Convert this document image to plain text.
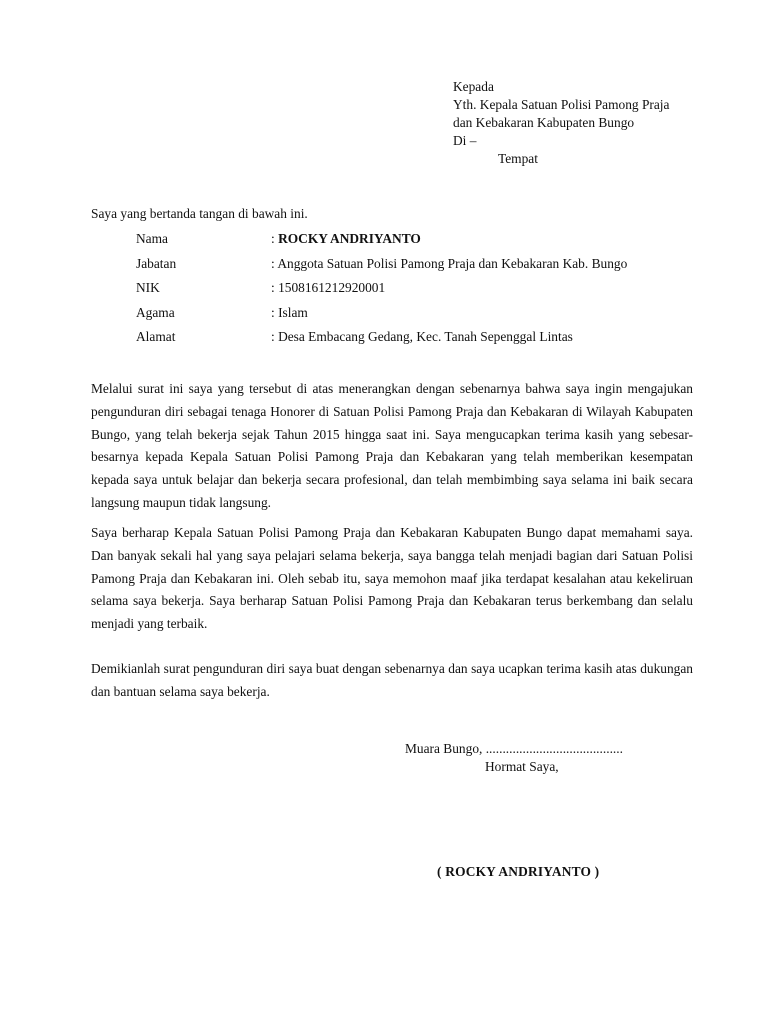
Kepada
Yth. Kepala Satuan Polisi Pamong Praja
dan Kebakaran Kabupaten Bungo
Di –
Tempat
Saya yang bertanda tangan di bawah ini.
Nama	: ROCKY ANDRIYANTO
Jabatan	: Anggota Satuan Polisi Pamong Praja dan Kebakaran Kab. Bungo
NIK	: 1508161212920001
Agama	: Islam
Alamat	: Desa Embacang Gedang, Kec. Tanah Sepenggal Lintas

Melalui surat ini saya yang tersebut di atas menerangkan dengan sebenarnya bahwa saya ingin mengajukan pengunduran diri sebagai tenaga Honorer di Satuan Polisi Pamong Praja dan Kebakaran di Wilayah Kabupaten Bungo, yang telah bekerja sejak Tahun 2015 hingga saat ini. Saya mengucapkan terima kasih yang sebesar-besarnya kepada Kepala Satuan Polisi Pamong Praja dan Kebakaran yang telah memberikan kesempatan kepada saya untuk belajar dan bekerja secara profesional, dan telah membimbing saya selama ini baik secara langsung maupun tidak langsung.

Saya berharap Kepala Satuan Polisi Pamong Praja dan Kebakaran Kabupaten Bungo dapat memahami saya. Dan banyak sekali hal yang saya pelajari selama bekerja, saya bangga telah menjadi bagian dari Satuan Polisi Pamong Praja dan Kebakaran ini. Oleh sebab itu, saya memohon maaf jika terdapat kesalahan atau kekeliruan selama saya bekerja. Saya berharap Satuan Polisi Pamong Praja dan Kebakaran terus berkembang dan selalu menjadi yang terbaik.

Demikianlah surat pengunduran diri saya buat dengan sebenarnya dan saya ucapkan terima kasih atas dukungan dan bantuan selama saya bekerja.

Muara Bungo, .........................................
Hormat Saya,
( ROCKY ANDRIYANTO )
